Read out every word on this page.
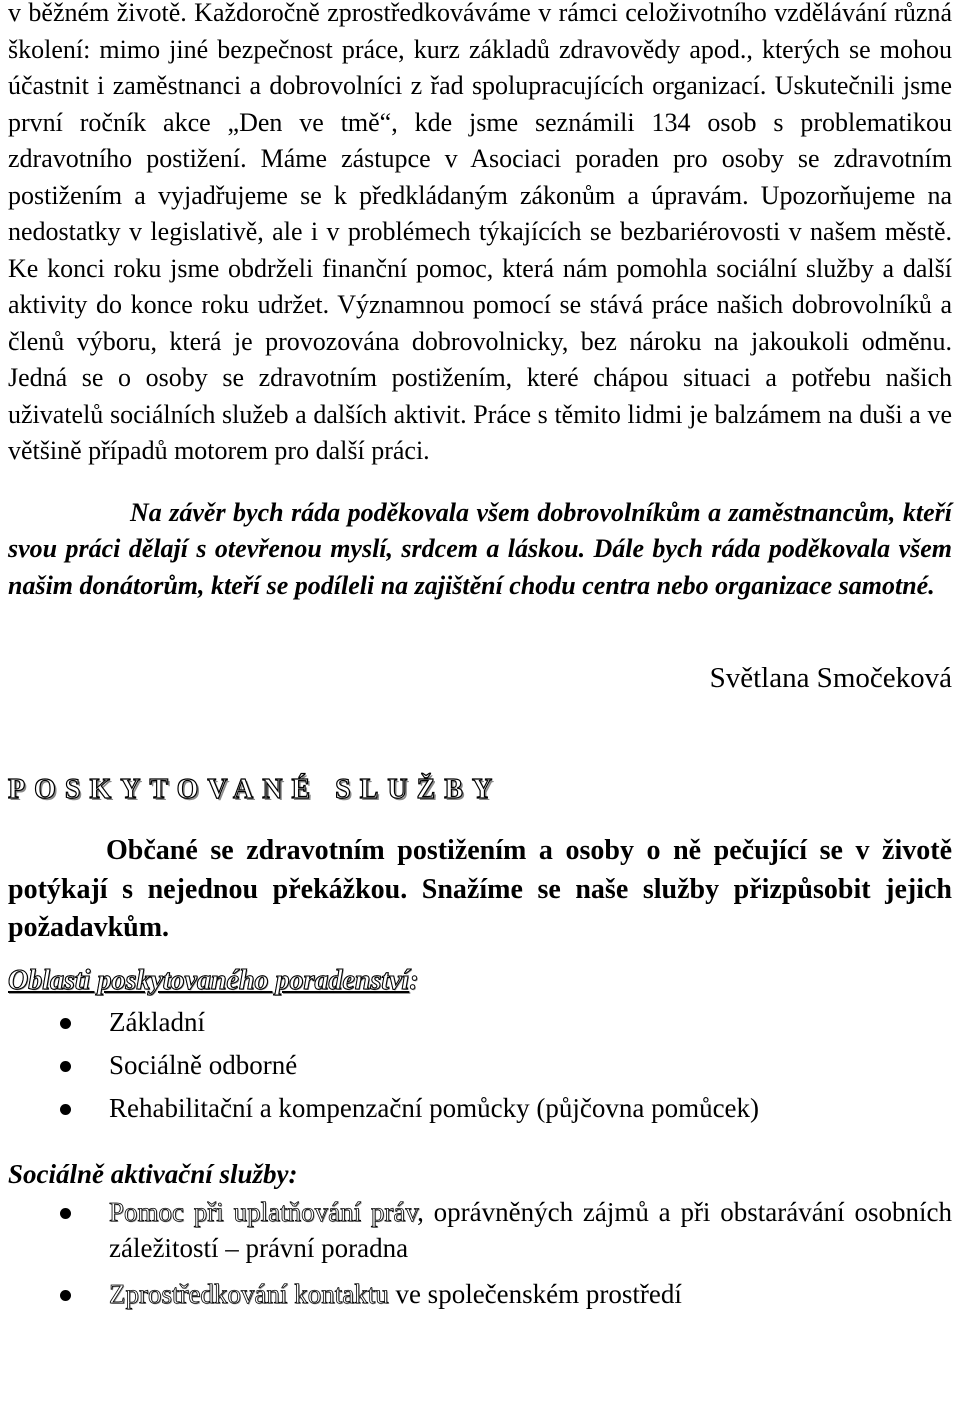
v běžném životě. Každoročně zprostředkováváme v rámci celoživotního vzdělávání různá školení: mimo jiné bezpečnost práce, kurz základů zdravovědy apod., kterých se mohou účastnit i zaměstnanci a dobrovolníci z řad spolupracujících organizací. Uskutečnili jsme první ročník akce „Den ve tmě“, kde jsme seznámili 134 osob s problematikou zdravotního postižení. Máme zástupce v Asociaci poraden pro osoby se zdravotním postižením a vyjadřujeme se k předkládaným zákonům a úpravám. Upozorňujeme na nedostatky v legislativě, ale i v problémech týkajících se bezbariérovosti v našem městě. Ke konci roku jsme obdrželi finanční pomoc, která nám pomohla sociální služby a další aktivity do konce roku udržet. Významnou pomocí se stává práce našich dobrovolníků a členů výboru, která je provozována dobrovolnicky, bez nároku na jakoukoli odměnu. Jedná se o osoby se zdravotním postižením, které chápou situaci a potřebu našich uživatelů sociálních služeb a dalších aktivit. Práce s těmito lidmi je balzámem na duši a ve většině případů motorem pro další práci.

Na závěr bych ráda poděkovala všem dobrovolníkům a zaměstnancům, kteří svou práci dělají s otevřenou myslí, srdcem a láskou. Dále bych ráda poděkovala všem našim donátorům, kteří se podíleli na zajištění chodu centra nebo organizace samotné.

Světlana Smočeková

POSKYTOVANÉ SLUŽBY

Občané se zdravotním postižením a osoby o ně pečující se v životě potýkají s nejednou překážkou. Snažíme se naše služby přizpůsobit jejich požadavkům.

Oblasti poskytovaného poradenství:
Základní
Sociálně odborné
Rehabilitační a kompenzační pomůcky (půjčovna pomůcek)
Sociálně aktivační služby:
Pomoc při uplatňování práv, oprávněných zájmů a při obstarávání osobních záležitostí – právní poradna
Zprostředkování kontaktu ve společenském prostředí
